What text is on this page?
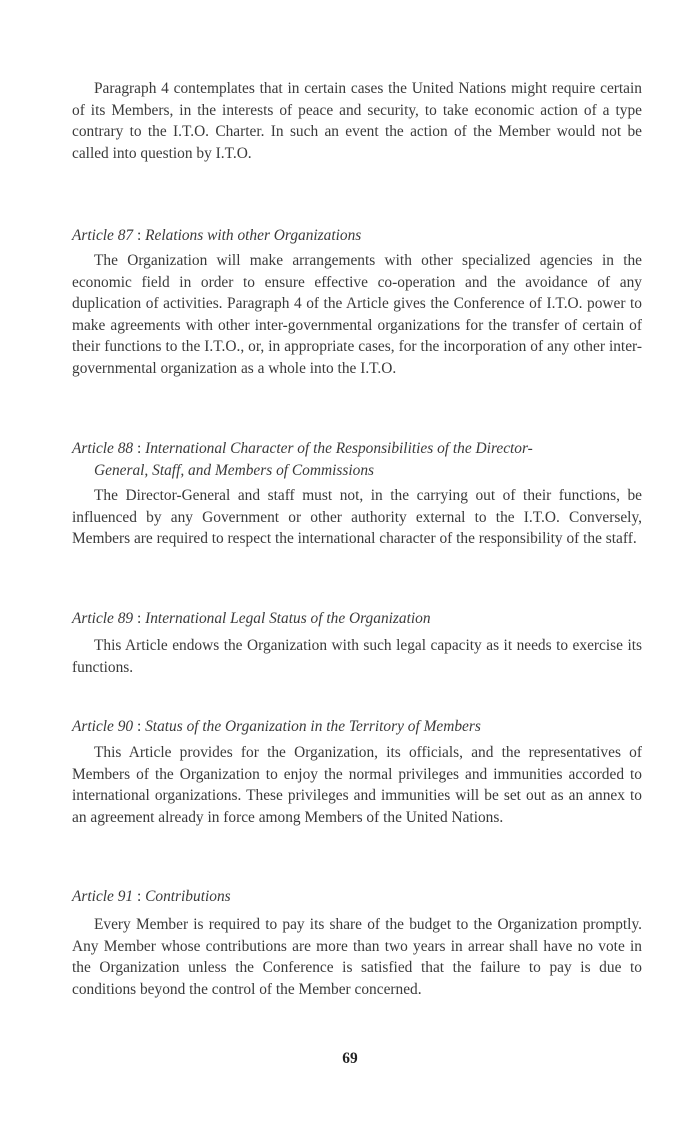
Paragraph 4 contemplates that in certain cases the United Nations might require certain of its Members, in the interests of peace and security, to take economic action of a type contrary to the I.T.O. Charter. In such an event the action of the Member would not be called into question by I.T.O.

Article 87 : Relations with other Organizations

The Organization will make arrangements with other specialized agencies in the economic field in order to ensure effective co-operation and the avoidance of any duplication of activities. Paragraph 4 of the Article gives the Conference of I.T.O. power to make agreements with other inter-governmental organizations for the transfer of certain of their functions to the I.T.O., or, in appropriate cases, for the incorporation of any other inter-governmental organization as a whole into the I.T.O.

Article 88 : International Character of the Responsibilities of the Director-
General, Staff, and Members of Commissions

The Director-General and staff must not, in the carrying out of their functions, be influenced by any Government or other authority external to the I.T.O. Conversely, Members are required to respect the international character of the responsibility of the staff.

Article 89 : International Legal Status of the Organization

This Article endows the Organization with such legal capacity as it needs to exercise its functions.

Article 90 : Status of the Organization in the Territory of Members

This Article provides for the Organization, its officials, and the representatives of Members of the Organization to enjoy the normal privileges and immunities accorded to international organizations. These privileges and immunities will be set out as an annex to an agreement already in force among Members of the United Nations.

Article 91 : Contributions

Every Member is required to pay its share of the budget to the Organization promptly. Any Member whose contributions are more than two years in arrear shall have no vote in the Organization unless the Conference is satisfied that the failure to pay is due to conditions beyond the control of the Member concerned.

69
